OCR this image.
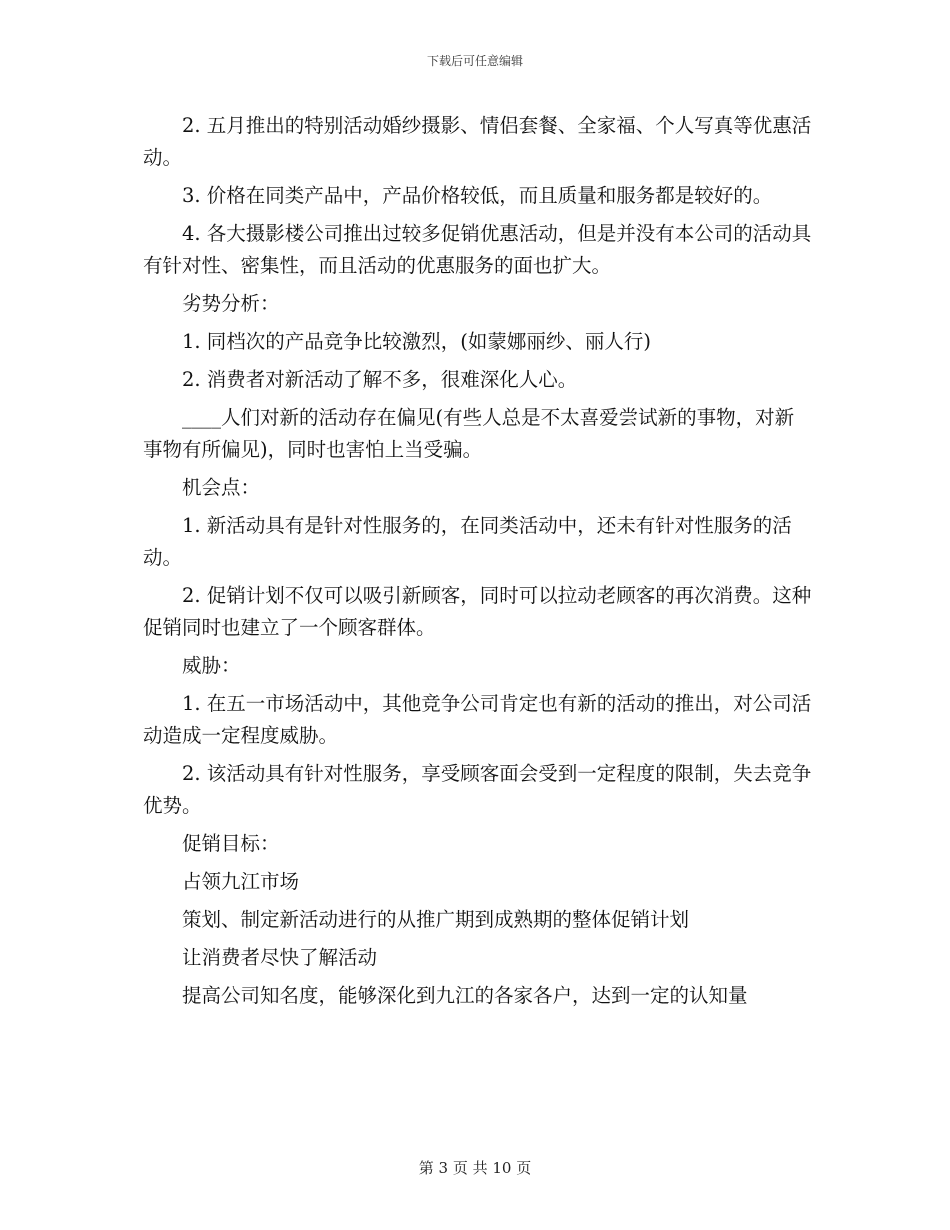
下载后可任意编辑

2. 五月推出的特别活动婚纱摄影、情侣套餐、全家福、个人写真等优惠活动。

3. 价格在同类产品中，产品价格较低，而且质量和服务都是较好的。

4. 各大摄影楼公司推出过较多促销优惠活动，但是并没有本公司的活动具有针对性、密集性，而且活动的优惠服务的面也扩大。

劣势分析：

1. 同档次的产品竞争比较激烈，(如蒙娜丽纱、丽人行)

2. 消费者对新活动了解不多，很难深化人心。

____人们对新的活动存在偏见(有些人总是不太喜爱尝试新的事物，对新事物有所偏见)，同时也害怕上当受骗。

机会点：

1. 新活动具有是针对性服务的，在同类活动中，还未有针对性服务的活动。

2. 促销计划不仅可以吸引新顾客，同时可以拉动老顾客的再次消费。这种促销同时也建立了一个顾客群体。

威胁：

1. 在五一市场活动中，其他竞争公司肯定也有新的活动的推出，对公司活动造成一定程度威胁。

2. 该活动具有针对性服务，享受顾客面会受到一定程度的限制，失去竞争优势。

促销目标：

占领九江市场

策划、制定新活动进行的从推广期到成熟期的整体促销计划

让消费者尽快了解活动

提高公司知名度，能够深化到九江的各家各户，达到一定的认知量

第 3 页 共 10 页
